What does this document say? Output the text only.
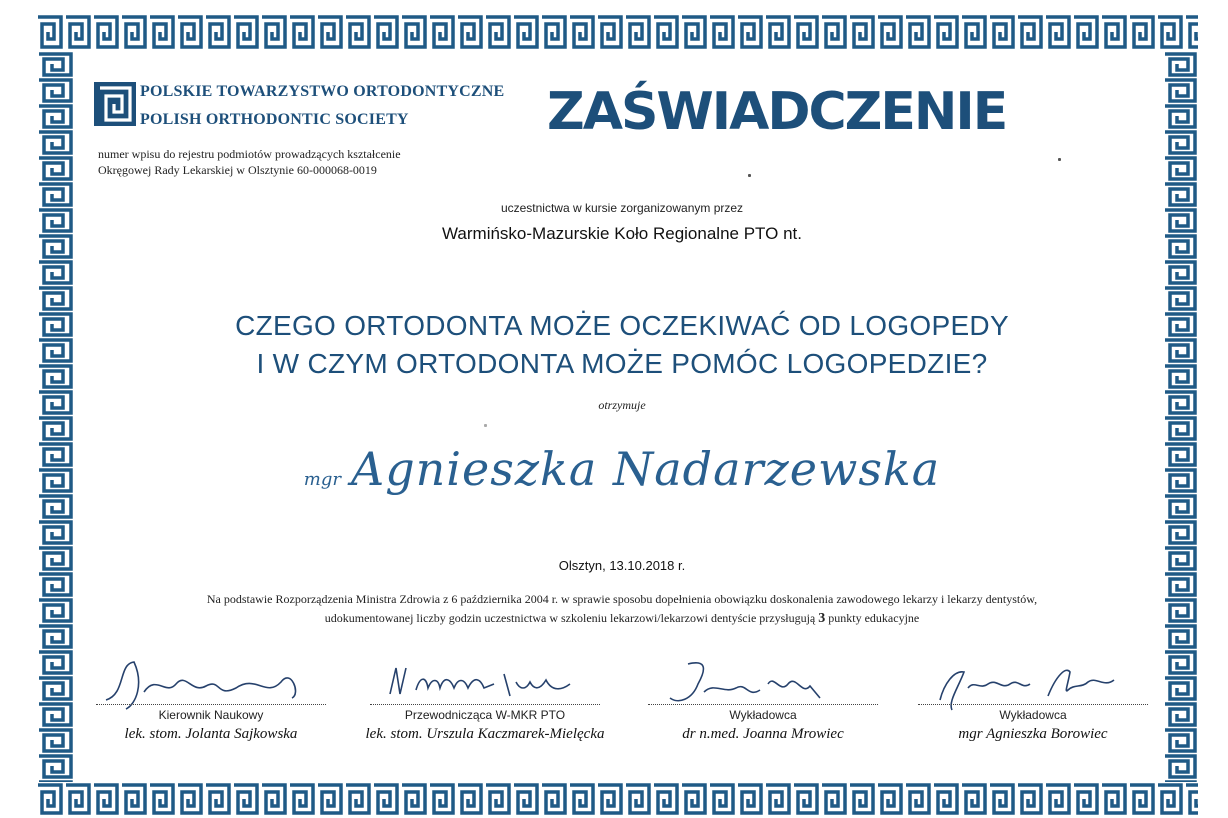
POLSKIE TOWARZYSTWO ORTODONTYCZNE
POLISH ORTHODONTIC SOCIETY
numer wpisu do rejestru podmiotów prowadzących kształcenie
Okręgowej Rady Lekarskiej w Olsztynie 60-000068-0019
ZAŚWIADCZENIE
uczestnictwa w kursie zorganizowanym przez
Warmińsko-Mazurskie Koło Regionalne PTO nt.
CZEGO ORTODONTA MOŻE OCZEKIWAĆ OD LOGOPEDY
I W CZYM ORTODONTA MOŻE POMÓC LOGOPEDZIE?
otrzymuje
mgr Agnieszka Nadarzewska
Olsztyn, 13.10.2018 r.
Na podstawie Rozporządzenia Ministra Zdrowia z 6 października 2004 r. w sprawie sposobu dopełnienia obowiązku doskonalenia zawodowego lekarzy i lekarzy dentystów,
udokumentowanej liczby godzin uczestnictwa w szkoleniu lekarzowi/lekarzowi dentyście przysługują 3 punkty edukacyjne
Kierownik Naukowy
lek. stom. Jolanta Sajkowska
Przewodnicząca W-MKR PTO
lek. stom. Urszula Kaczmarek-Mielęcka
Wykładowca
dr n.med. Joanna Mrowiec
Wykładowca
mgr Agnieszka Borowiec
